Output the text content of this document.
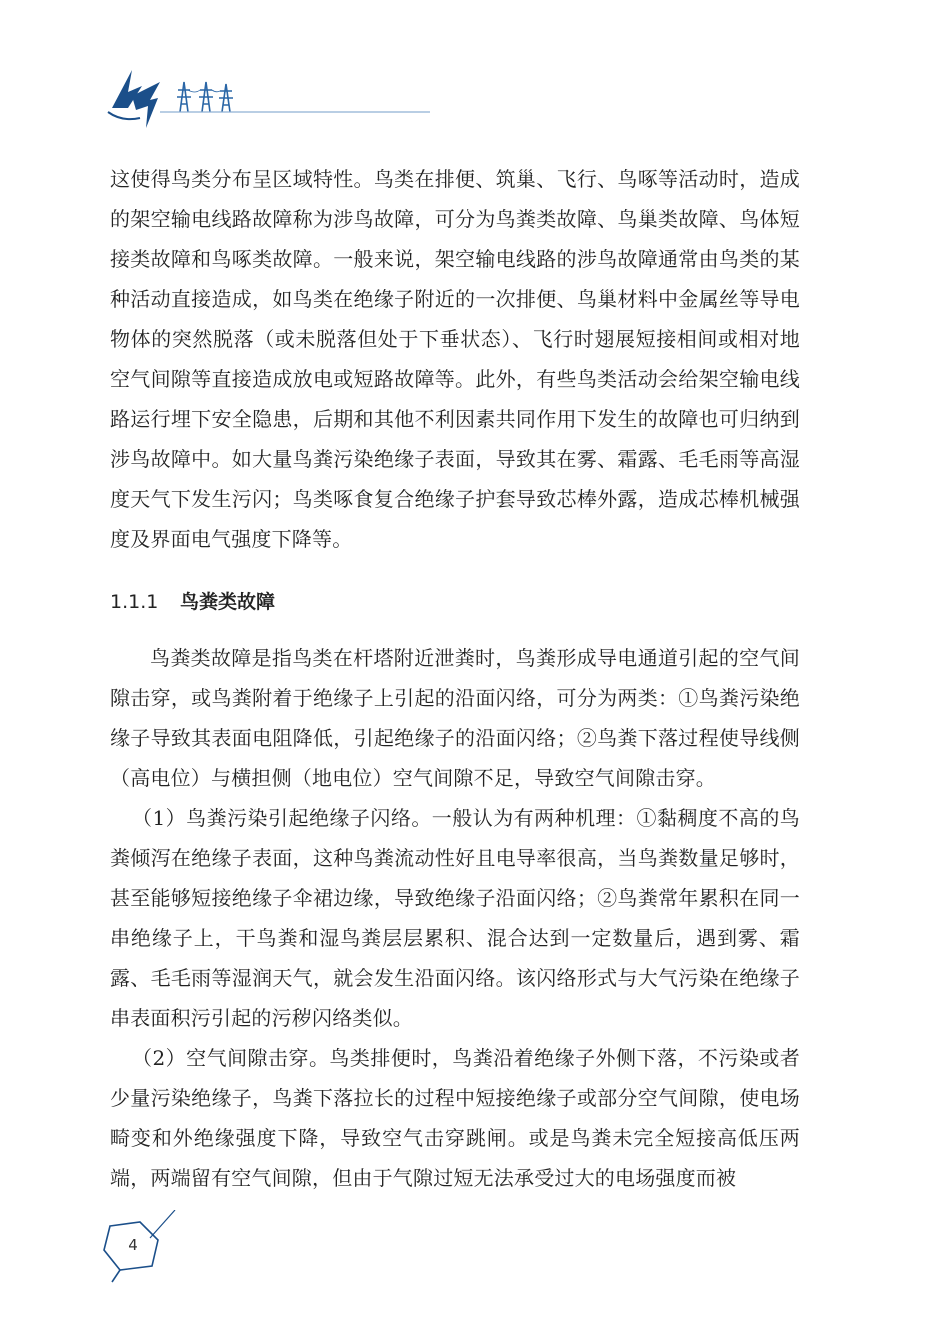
这使得鸟类分布呈区域特性。鸟类在排便、筑巢、飞行、鸟啄等活动时，造成的架空输电线路故障称为涉鸟故障，可分为鸟粪类故障、鸟巢类故障、鸟体短接类故障和鸟啄类故障。一般来说，架空输电线路的涉鸟故障通常由鸟类的某种活动直接造成，如鸟类在绝缘子附近的一次排便、鸟巢材料中金属丝等导电物体的突然脱落（或未脱落但处于下垂状态）、飞行时翅展短接相间或相对地空气间隙等直接造成放电或短路故障等。此外，有些鸟类活动会给架空输电线路运行埋下安全隐患，后期和其他不利因素共同作用下发生的故障也可归纳到涉鸟故障中。如大量鸟粪污染绝缘子表面，导致其在雾、霜露、毛毛雨等高湿度天气下发生污闪；鸟类啄食复合绝缘子护套导致芯棒外露，造成芯棒机械强度及界面电气强度下降等。

1.1.1 鸟粪类故障

鸟粪类故障是指鸟类在杆塔附近泄粪时，鸟粪形成导电通道引起的空气间隙击穿，或鸟粪附着于绝缘子上引起的沿面闪络，可分为两类：①鸟粪污染绝缘子导致其表面电阻降低，引起绝缘子的沿面闪络；②鸟粪下落过程使导线侧（高电位）与横担侧（地电位）空气间隙不足，导致空气间隙击穿。

（1）鸟粪污染引起绝缘子闪络。一般认为有两种机理：①黏稠度不高的鸟粪倾泻在绝缘子表面，这种鸟粪流动性好且电导率很高，当鸟粪数量足够时，甚至能够短接绝缘子伞裙边缘，导致绝缘子沿面闪络；②鸟粪常年累积在同一串绝缘子上，干鸟粪和湿鸟粪层层累积、混合达到一定数量后，遇到雾、霜露、毛毛雨等湿润天气，就会发生沿面闪络。该闪络形式与大气污染在绝缘子串表面积污引起的污秽闪络类似。

（2）空气间隙击穿。鸟类排便时，鸟粪沿着绝缘子外侧下落，不污染或者少量污染绝缘子，鸟粪下落拉长的过程中短接绝缘子或部分空气间隙，使电场畸变和外绝缘强度下降，导致空气击穿跳闸。或是鸟粪未完全短接高低压两端，两端留有空气间隙，但由于气隙过短无法承受过大的电场强度而被

4
